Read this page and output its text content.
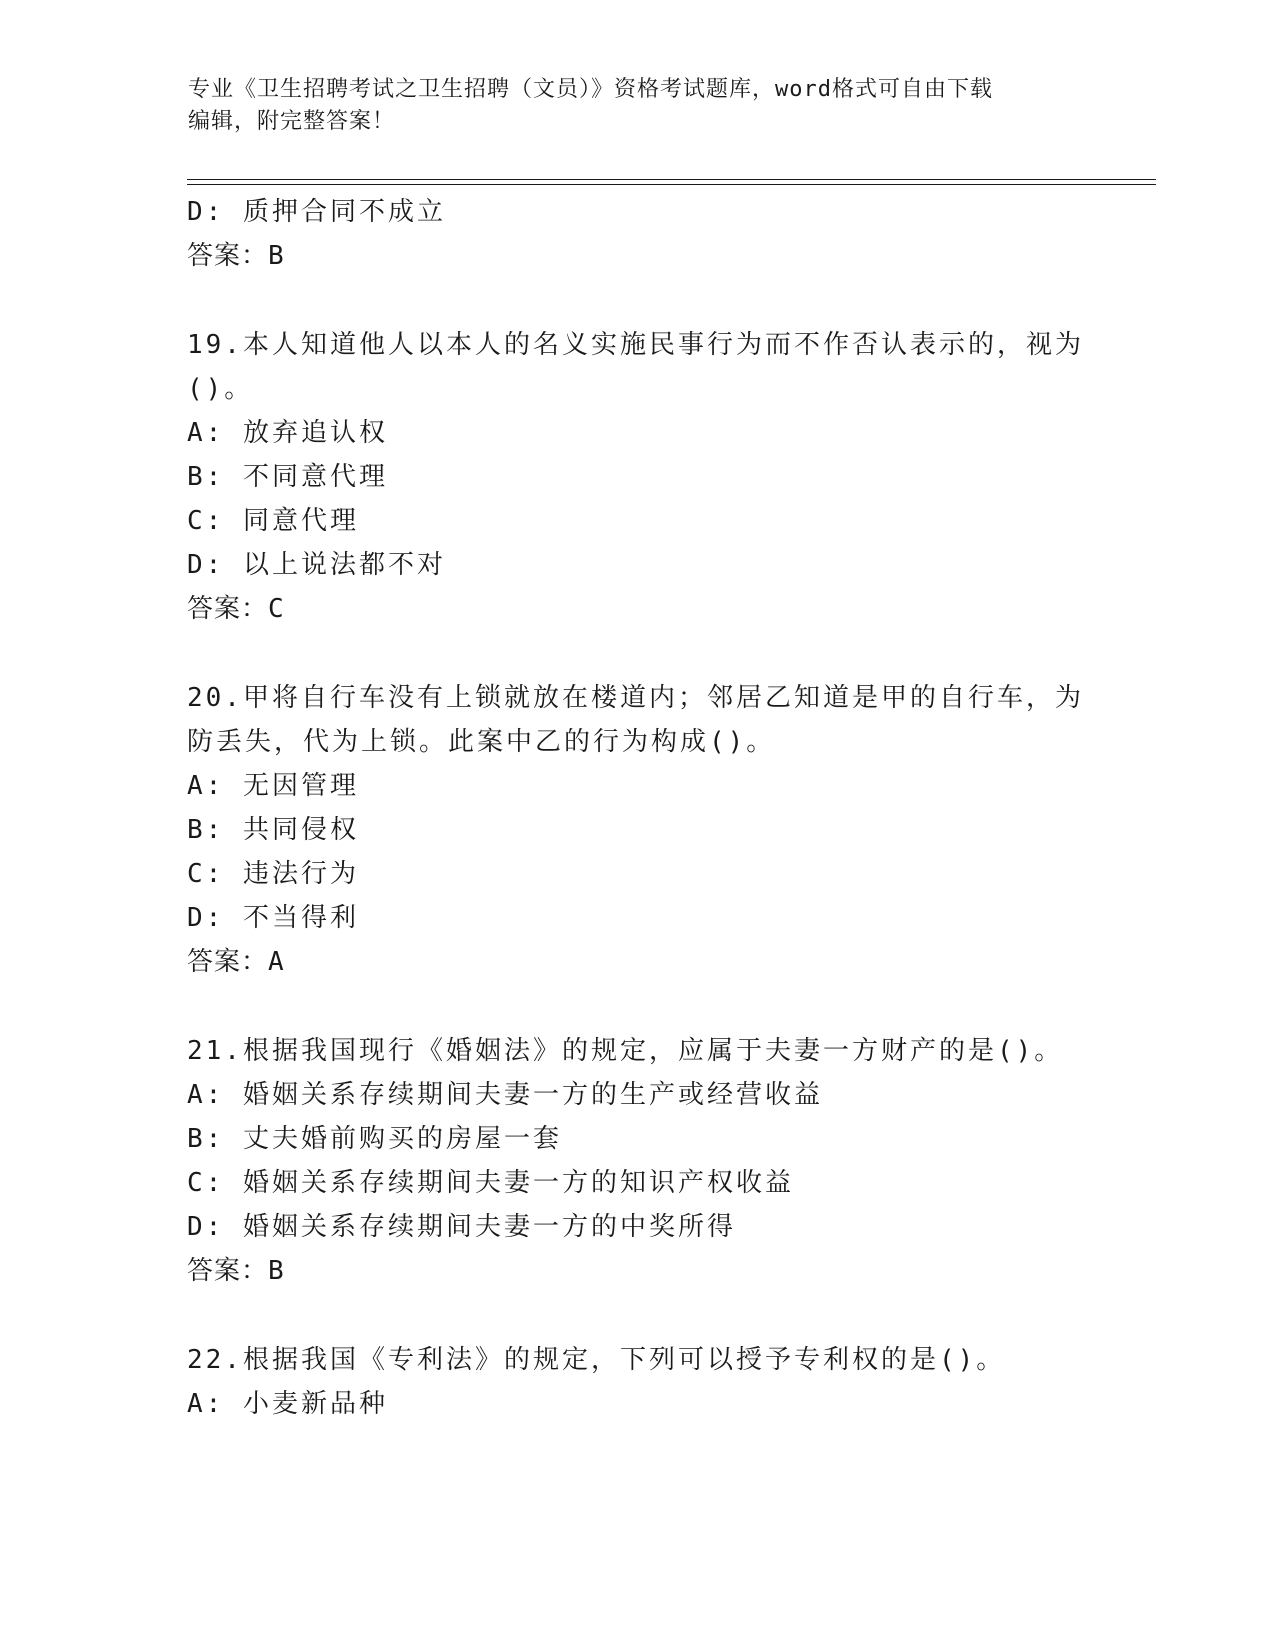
专业《卫生招聘考试之卫生招聘（文员）》资格考试题库，word格式可自由下载
编辑，附完整答案！
D: 质押合同不成立
答案：B
19.本人知道他人以本人的名义实施民事行为而不作否认表示的，视为
()。
A: 放弃追认权
B: 不同意代理
C: 同意代理
D: 以上说法都不对
答案：C
20.甲将自行车没有上锁就放在楼道内；邻居乙知道是甲的自行车，为
防丢失，代为上锁。此案中乙的行为构成()。
A: 无因管理
B: 共同侵权
C: 违法行为
D: 不当得利
答案：A
21.根据我国现行《婚姻法》的规定，应属于夫妻一方财产的是()。
A: 婚姻关系存续期间夫妻一方的生产或经营收益
B: 丈夫婚前购买的房屋一套
C: 婚姻关系存续期间夫妻一方的知识产权收益
D: 婚姻关系存续期间夫妻一方的中奖所得
答案：B
22.根据我国《专利法》的规定，下列可以授予专利权的是()。
A: 小麦新品种
